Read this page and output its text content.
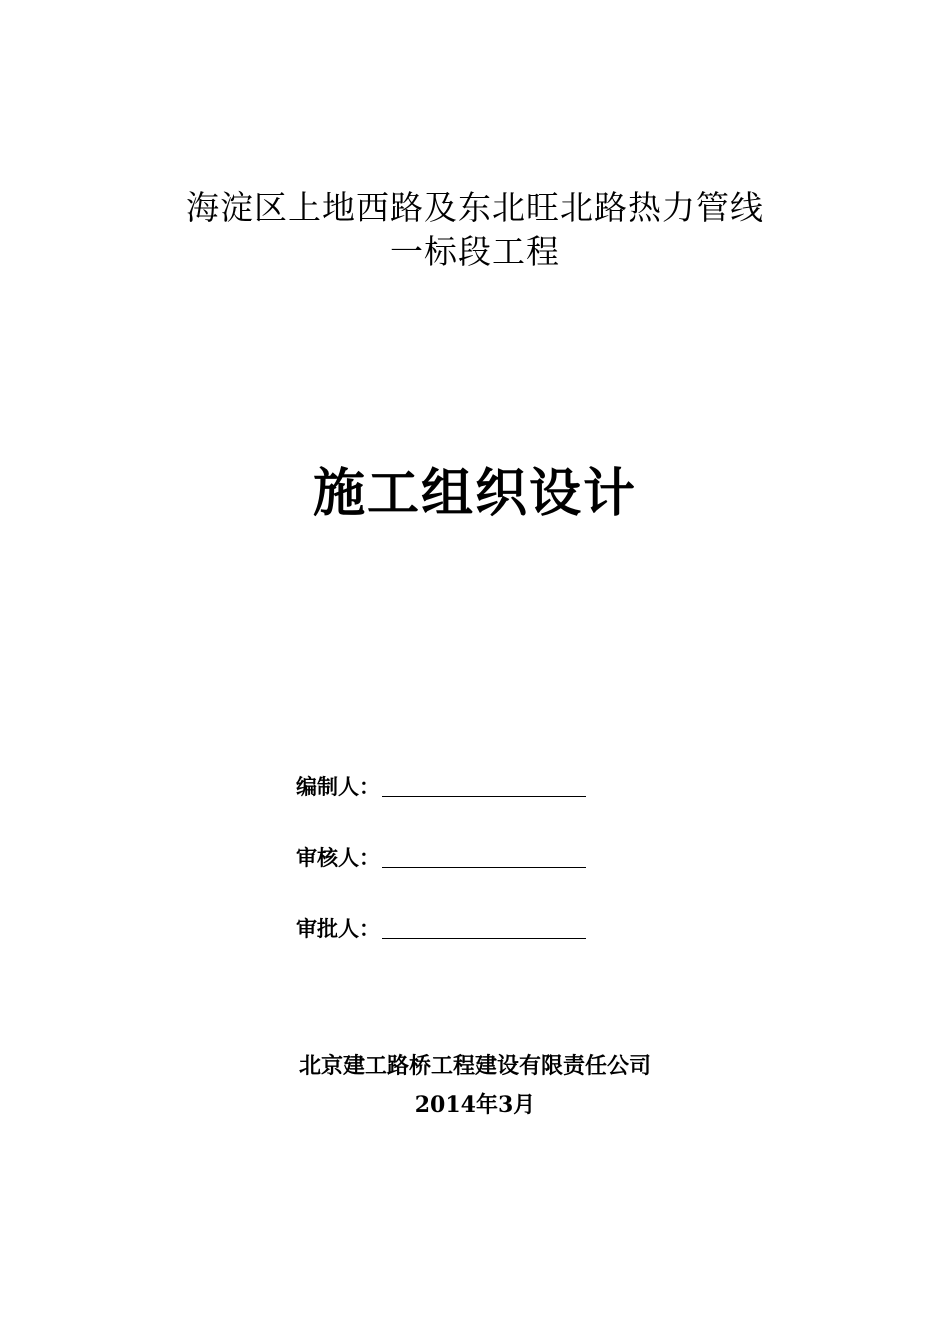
海淀区上地西路及东北旺北路热力管线
一标段工程
施工组织设计
编制人：
审核人：
审批人：
北京建工路桥工程建设有限责任公司
2014年3月
